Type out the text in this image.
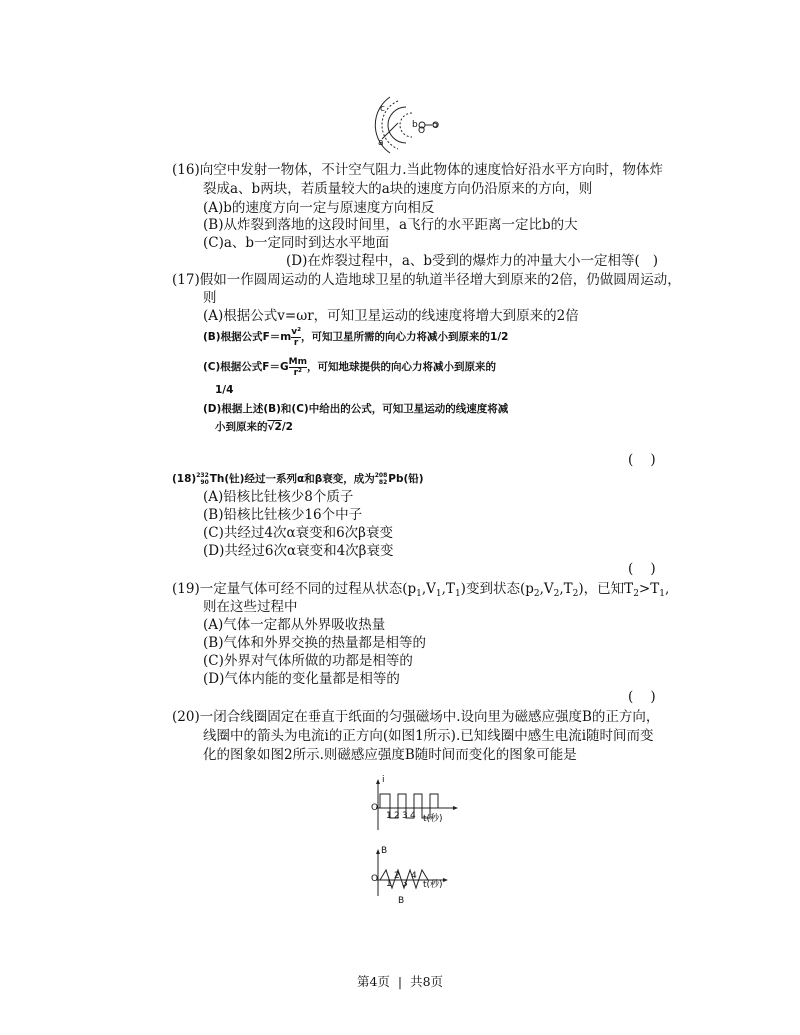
c
a
b
O O
(16)向空中发射一物体，不计空气阻力.当此物体的速度恰好沿水平方向时，物体炸
裂成a、b两块，若质量较大的a块的速度方向仍沿原来的方向，则
(A)b的速度方向一定与原速度方向相反
(B)从炸裂到落地的这段时间里，a飞行的水平距离一定比b的大
(C)a、b一定同时到达水平地面
(D)在炸裂过程中，a、b受到的爆炸力的冲量大小一定相等(   )
(17)假如一作圆周运动的人造地球卫星的轨道半径增大到原来的2倍，仍做圆周运动，
则
(A)根据公式v=ωr，可知卫星运动的线速度将增大到原来的2倍
(B)根据公式$F=m \frac{\text{v²}}{r}$ ，可知卫星所需的向心力将减小到原来的1/2
(C)根据公式$F=G \frac{Mm}{\text{r²}}$ ，可知地球提供的向心力将减小到原来的
1/4
(D)根据上述(B)和(C)中给出的公式，可知卫星运动的线速度将减
小到原来的√2/2
(    )
(18)232
90Th(钍)经过一系列α和β衰变，成为208
82Pb(铅)
(A)铅核比钍核少8个质子
(B)铅核比钍核少16个中子
(C)共经过4次α衰变和6次β衰变
(D)共经过6次α衰变和4次β衰变
(    )
(19)一定量气体可经不同的过程从状态$(p_1,V_1,T_1)$变到状态$(p_2,V_2,T_2)$，已知$T_2>T_1$,
则在这些过程中
(A)气体一定都从外界吸收热量
(B)气体和外界交换的热量都是相等的
(C)外界对气体所做的功都是相等的
(D)气体内能的变化量都是相等的
(    )
(20)一闭合线圈固定在垂直于纸面的匀强磁场中.设向里为磁感应强度B的正方向，
线圈中的箭头为电流i的正方向(如图1所示).已知线圈中感生电流i随时间而变
化的图象如图2所示.则磁感应强度B随时间而变化的图象可能是
i
O
1 2 3 4 t(秒)
B
O 1
2
3
4
t(秒)
B
第4页 | 共8页
